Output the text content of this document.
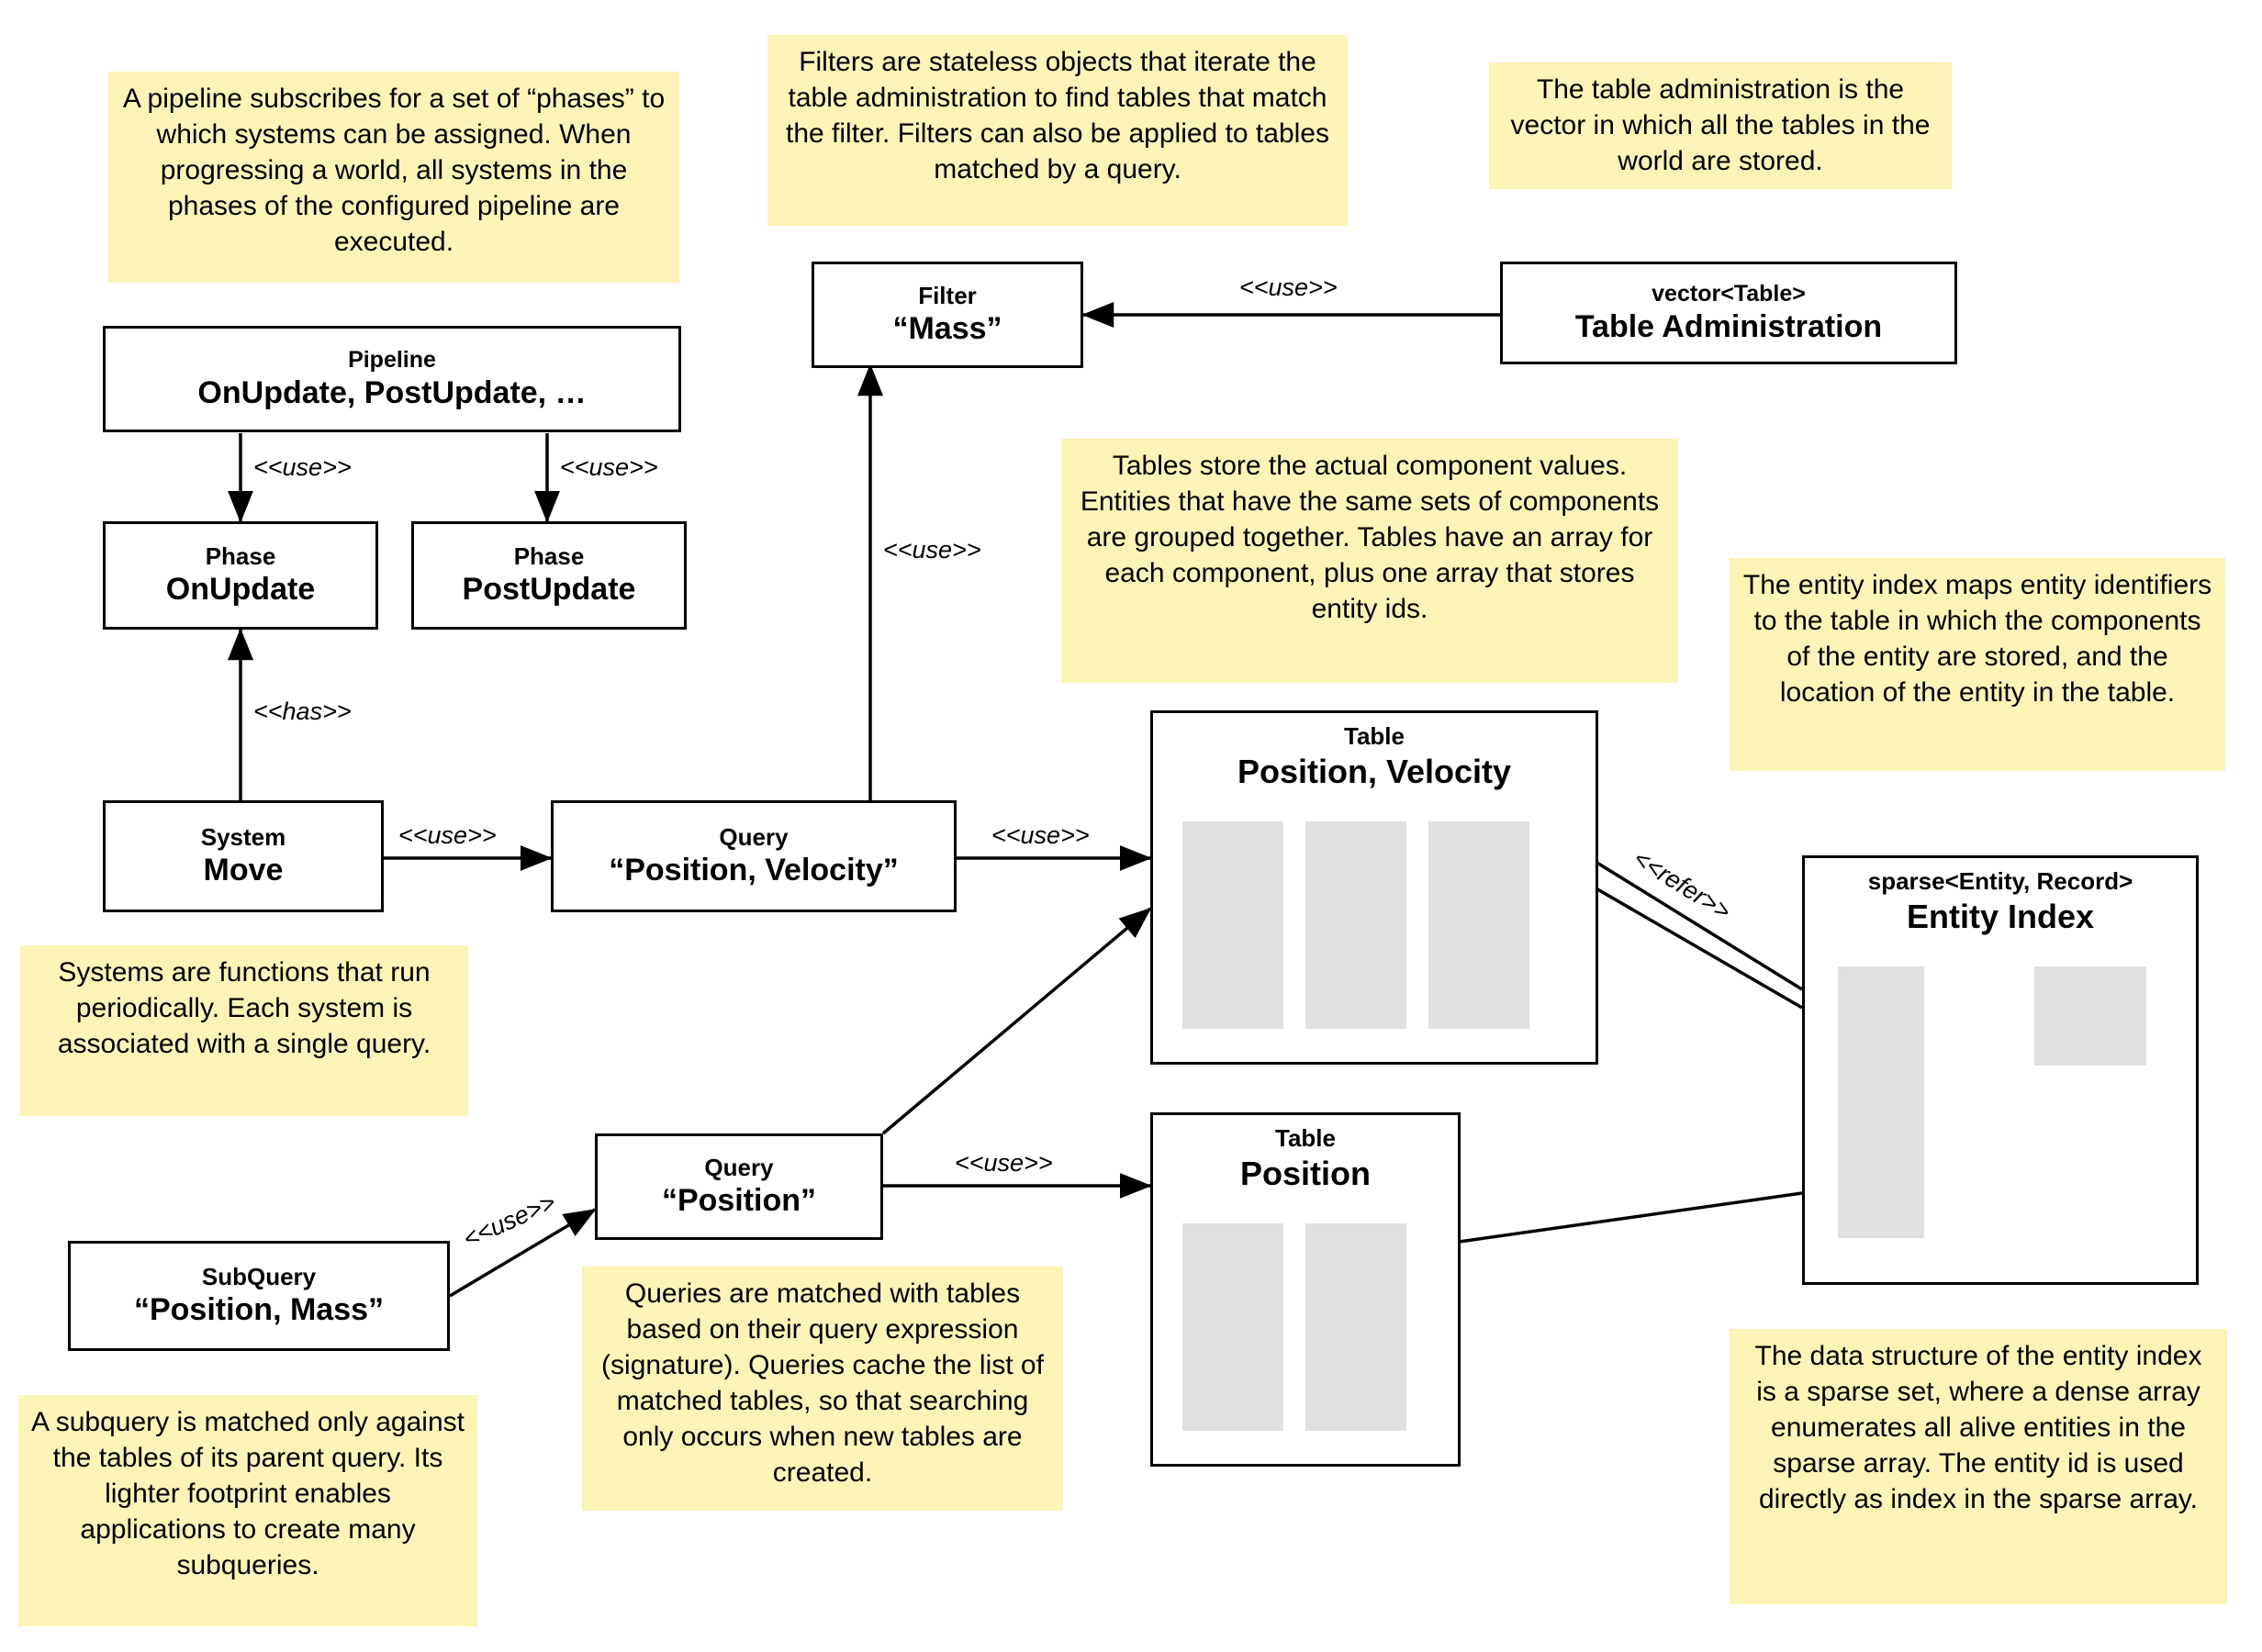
A pipeline subscribes for a set of “phases” to which systems can be assigned. When progressing a world, all systems in the phases of the configured pipeline are executed.
Filters are stateless objects that iterate the table administration to find tables that match the filter. Filters can also be applied to tables matched by a query.
The table administration is the vector in which all the tables in the world are stored.
Tables store the actual component values. Entities that have the same sets of components are grouped together. Tables have an array for each component, plus one array that stores entity ids.
The entity index maps entity identifiers to the table in which the components of the entity are stored, and the location of the entity in the table.
Systems are functions that run periodically. Each system is associated with a single query.
Queries are matched with tables based on their query expression (signature). Queries cache the list of matched tables, so that searching only occurs when new tables are created.
A subquery is matched only against the tables of its parent query. Its lighter footprint enables applications to create many subqueries.
The data structure of the entity index is a sparse set, where a dense array enumerates all alive entities in the sparse array. The entity id is used directly as index in the sparse array.
Pipeline
OnUpdate, PostUpdate, …
Phase
OnUpdate
Phase
PostUpdate
System
Move
Query
“Position, Velocity”
Query
“Position”
SubQuery
“Position, Mass”
Filter
“Mass”
vector<Table>
Table Administration
Table
Position, Velocity
Table
Position
sparse<Entity, Record>
Entity Index
<<use>>	<<use>>
<<has>>
<<use>>
<<use>>
<<use>>
<<use>>
<<use>>
<<refer>>
<<use>>
